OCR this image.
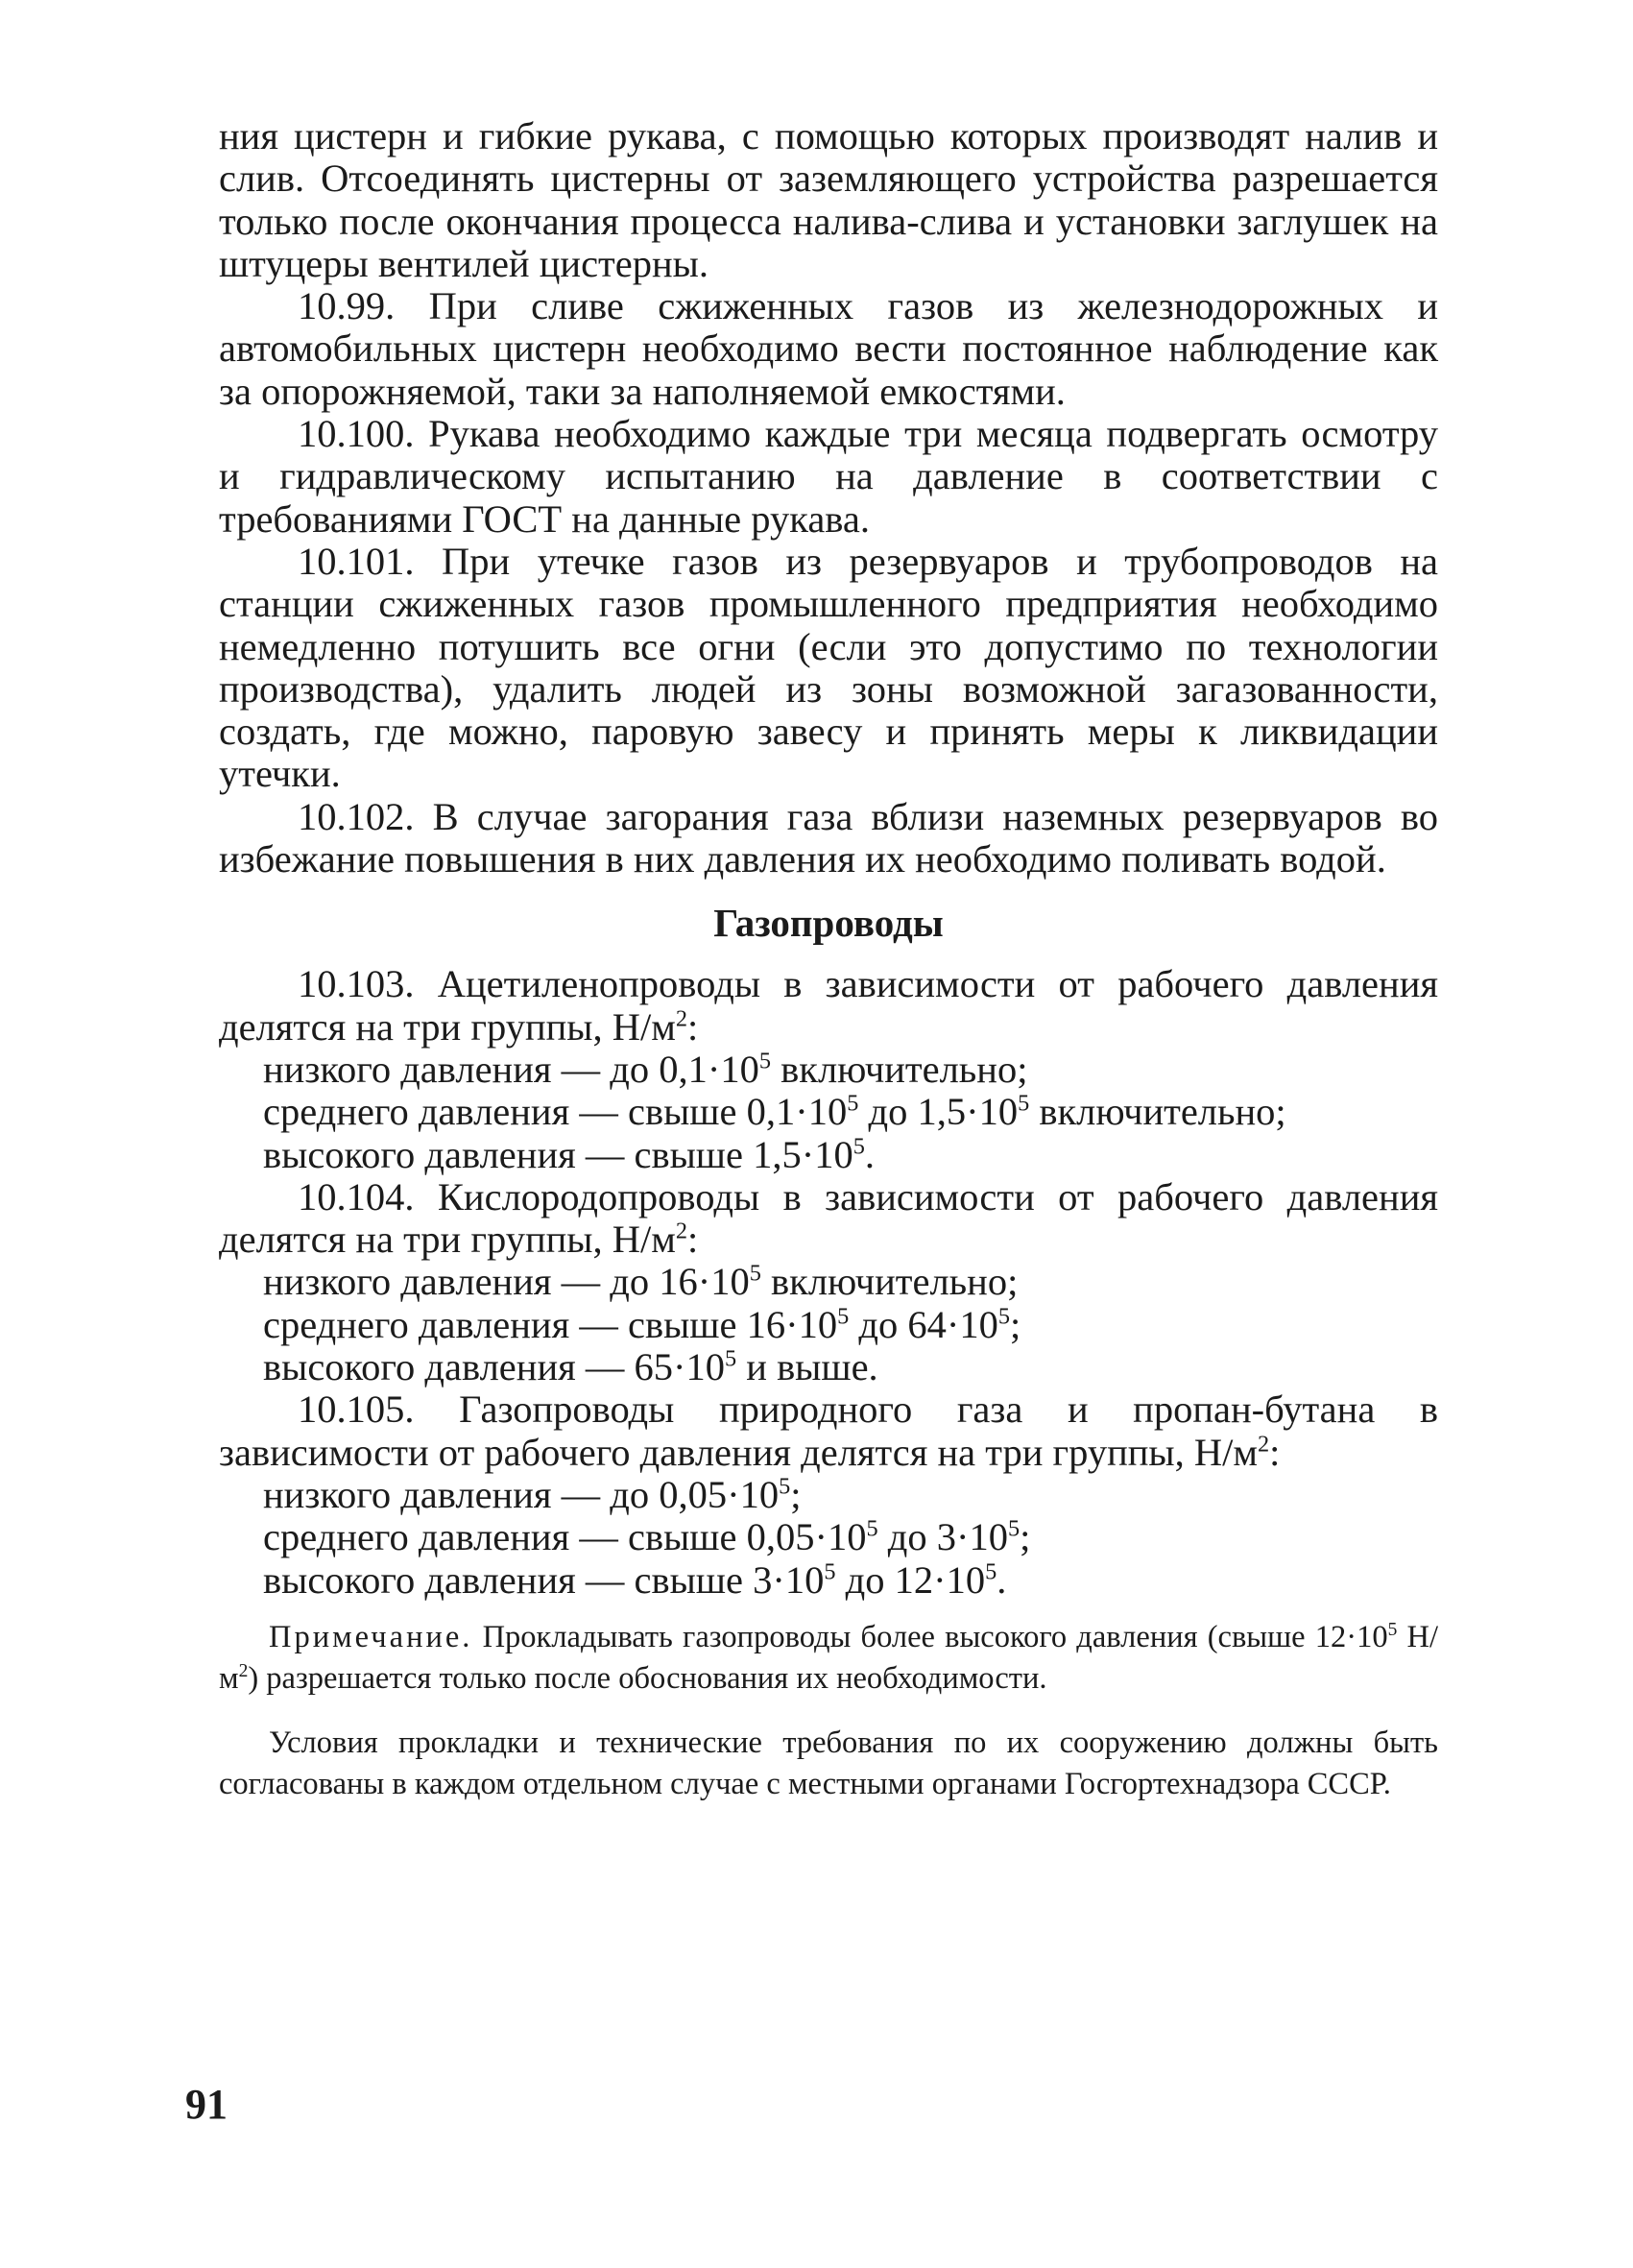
ния цистерн и гибкие рукава, с помощью которых производят налив и слив. Отсоединять цистерны от заземляющего устройства разрешается только после окончания процесса налива-слива и установки заглушек на штуцеры вентилей цистерны.

10.99. При сливе сжиженных газов из железнодорожных и автомобильных цистерн необходимо вести постоянное наблюдение как за опорожняемой, таки за наполняемой емкостями.

10.100. Рукава необходимо каждые три месяца подвергать осмотру и гидравлическому испытанию на давление в соответствии с требованиями ГОСТ на данные рукава.

10.101. При утечке газов из резервуаров и трубопроводов на станции сжиженных газов промышленного предприятия необходимо немедленно потушить все огни (если это допустимо по технологии производства), удалить людей из зоны возможной загазованности, создать, где можно, паровую завесу и принять меры к ликвидации утечки.

10.102. В случае загорания газа вблизи наземных резервуаров во избежание повышения в них давления их необходимо поливать водой.

Газопроводы

10.103. Ацетиленопроводы в зависимости от рабочего давления делятся на три группы, $Н/м^2$:

низкого давления — до $0,1\cdot 10^5$ включительно;

среднего давления — свыше $0,1\cdot 10^5$ до $1,5\cdot 10^5$ включительно;

высокого давления — свыше $1,5\cdot 10^5$.

10.104. Кислородопроводы в зависимости от рабочего давления делятся на три группы, $Н/м^2$:

низкого давления — до $16\cdot 10^5$ включительно;

среднего давления — свыше $16\cdot 10^5$ до $64\cdot 10^5$;

высокого давления — $65\cdot 10^5$ и выше.

10.105. Газопроводы природного газа и пропан-бутана в зависимости от рабочего давления делятся на три группы, $Н/м^2$:

низкого давления — до $0,05\cdot 10^5$;

среднего давления — свыше $0,05\cdot 10^5$ до $3\cdot 10^5$;

высокого давления — свыше $3\cdot 10^5$ до $12\cdot 10^5$.

Примечание. Прокладывать газопроводы более высокого давления (свыше $12\cdot 10^5$ $Н/м^2$) разрешается только после обоснования их необходимости.

Условия прокладки и технические требования по их сооружению должны быть согласованы в каждом отдельном случае с местными органами Госгортехнадзора СССР.

91
